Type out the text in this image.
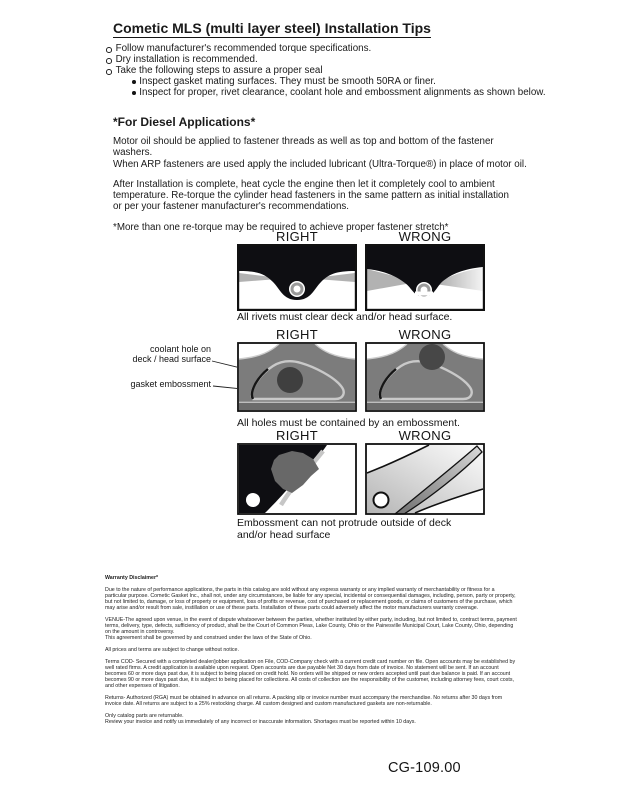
Cometic MLS (multi layer steel) Installation Tips
Follow manufacturer's recommended torque specifications.
Dry installation is recommended.
Take the following steps to assure a proper seal
Inspect gasket mating surfaces. They must be smooth 50RA or finer.
Inspect for proper, rivet clearance, coolant hole and embossment alignments as shown below.
*For Diesel Applications*

Motor oil should be applied to fastener threads as well as top and bottom of the fastener washers.
When ARP fasteners are used apply the included lubricant (Ultra-Torque®) in place of motor oil.

After Installation is complete, heat cycle the engine then let it completely cool to ambient
temperature. Re-torque the cylinder head fasteners in the same pattern as initial installation
or per your fastener manufacturer's recommendations.

*More than one re-torque may be required to achieve proper fastener stretch*

RIGHT	WRONG
All rivets must clear deck and/or head surface.
RIGHT	WRONG
coolant hole on
deck / head surface
gasket embossment
All holes must be contained by an embossment.
RIGHT	WRONG
Embossment can not protrude outside of deck
and/or head surface
Warranty Disclaimer*
Due to the nature of performance applications, the parts in this catalog are sold without any express warranty or any implied warranty of merchantability or fitness for a particular purpose. Cometic Gasket Inc., shall not, under any circumstances, be liable for any special, incidental or consequential damages, including, person, party or property, but not limited to, damage, or loss of property or equipment, loss of profits or revenue, cost of purchased or replacement goods, or claims of customers of the purchase, which may arise and/or result from sale, instillation or use of these parts. Installation of these parts could adversely affect the motor manufacturers warranty coverage.
VENUE-The agreed upon venue, in the event of dispute whatsoever between the parties, whether instituted by either party, including, but not limited to, contract terms, payment terms, delivery, type, defects, sufficiency of product, shall be the Court of Common Pleas, Lake County, Ohio or the Painesville Municipal Court, Lake County, Ohio, depending on the amount in controversy.
This agreement shall be governed by and construed under the laws of the State of Ohio.
All prices and terms are subject to change without notice.
Terms COD- Secured with a completed dealer/jobber application on File, COD-Company check with a current credit card number on file. Open accounts may be established by well rated firms. A credit application is available upon request. Open accounts are due payable Net 30 days from date of invoice. No statement will be sent. If an account becomes 60 or more days past due, it is subject to being placed on credit hold. No orders will be shipped or new orders accepted until past due balance is paid. If an account becomes 90 or more days past due, it is subject to being placed for collections. All costs of collection are the responsibility of the customer, including attorney fees, court costs, and other expenses of litigation.
Returns- Authorized (RGA) must be obtained in advance on all returns. A packing slip or invoice number must accompany the merchandise. No returns after 30 days from invoice date. All returns are subject to a 25% restocking charge. All custom designed and custom manufactured gaskets are non-returnable.
Only catalog parts are returnable.
Review your invoice and notify us immediately of any incorrect or inaccurate information. Shortages must be reported within 10 days.
CG-109.00
